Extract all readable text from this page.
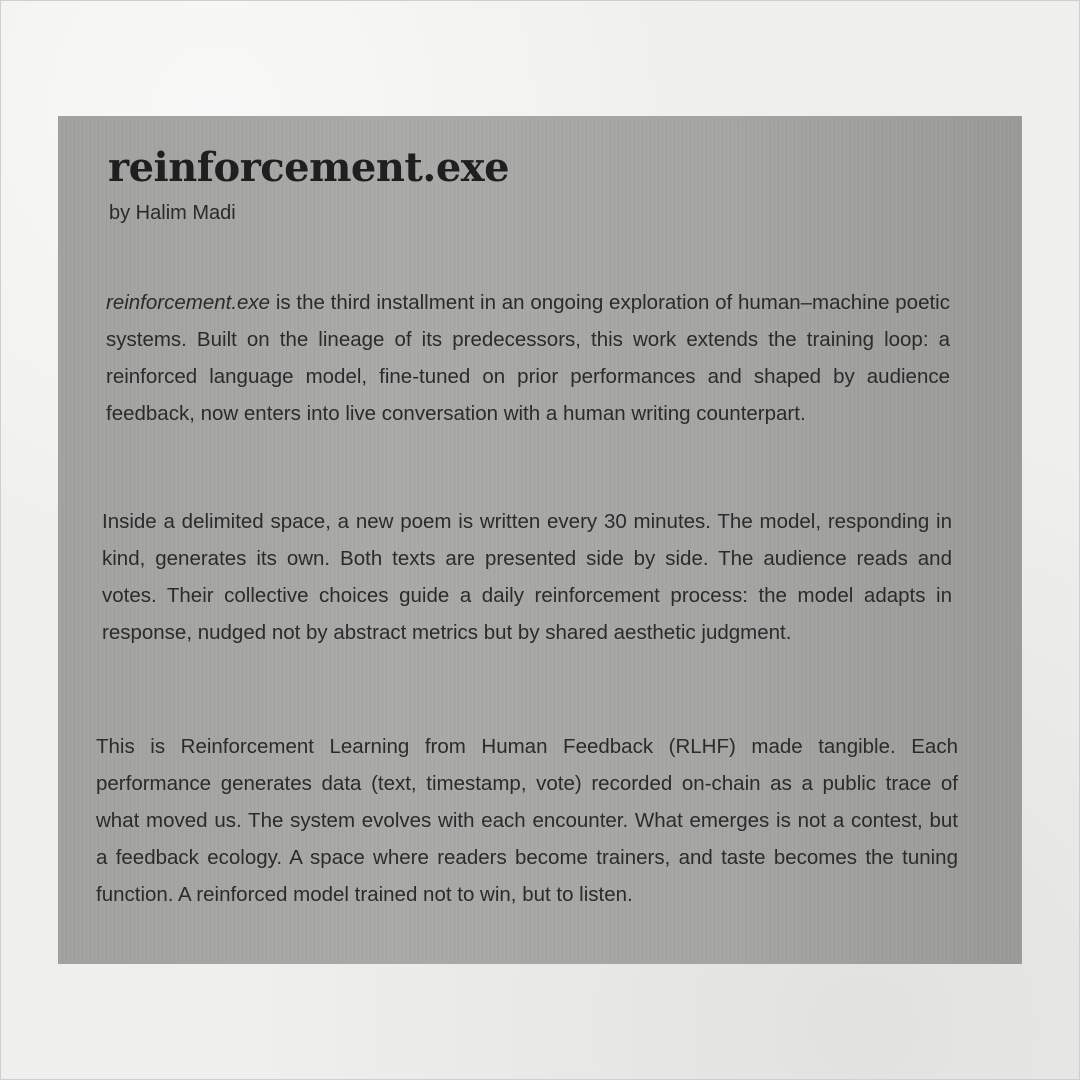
reinforcement.exe
by Halim Madi

reinforcement.exe is the third installment in an ongoing exploration of human–machine poetic systems. Built on the lineage of its predecessors, this work extends the training loop: a reinforced language model, fine-tuned on prior performances and shaped by audience feedback, now enters into live conversation with a human writing counterpart.

Inside a delimited space, a new poem is written every 30 minutes. The model, responding in kind, generates its own. Both texts are presented side by side. The audience reads and votes. Their collective choices guide a daily reinforcement process: the model adapts in response, nudged not by abstract metrics but by shared aesthetic judgment.

This is Reinforcement Learning from Human Feedback (RLHF) made tangible. Each performance generates data (text, timestamp, vote) recorded on-chain as a public trace of what moved us. The system evolves with each encounter. What emerges is not a contest, but a feedback ecology. A space where readers become trainers, and taste becomes the tuning function. A reinforced model trained not to win, but to listen.
